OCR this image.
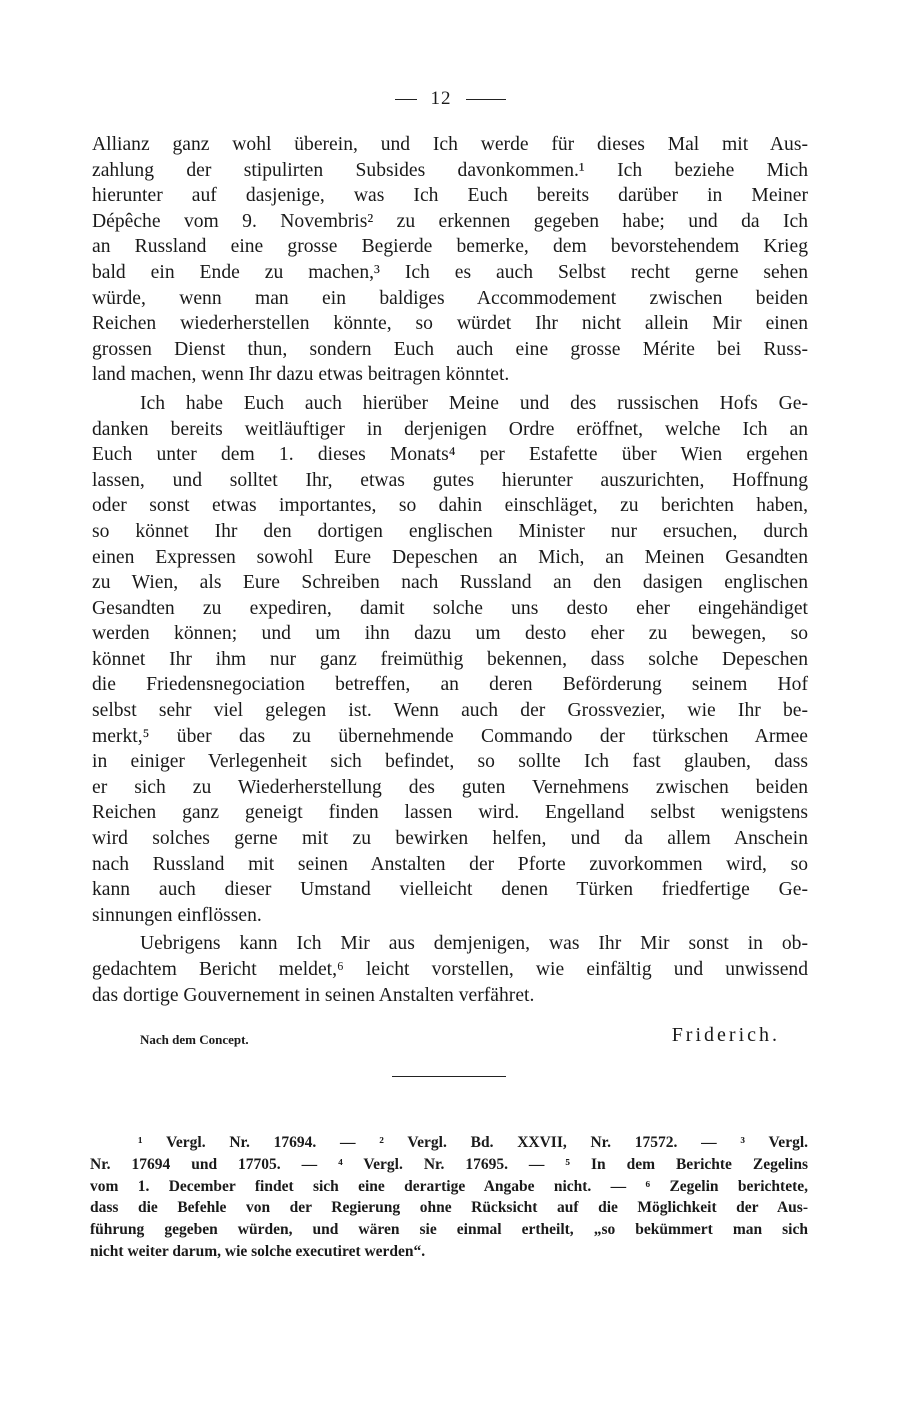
12
Allianz ganz wohl überein, und Ich werde für dieses Mal mit Aus-
zahlung der stipulirten Subsides davonkommen.¹ Ich beziehe Mich
hierunter auf dasjenige, was Ich Euch bereits darüber in Meiner
Dépêche vom 9. Novembris² zu erkennen gegeben habe; und da Ich
an Russland eine grosse Begierde bemerke, dem bevorstehendem Krieg
bald ein Ende zu machen,³ Ich es auch Selbst recht gerne sehen
würde, wenn man ein baldiges Accommodement zwischen beiden
Reichen wiederherstellen könnte, so würdet Ihr nicht allein Mir einen
grossen Dienst thun, sondern Euch auch eine grosse Mérite bei Russ-
land machen, wenn Ihr dazu etwas beitragen könntet.
Ich habe Euch auch hierüber Meine und des russischen Hofs Ge-
danken bereits weitläuftiger in derjenigen Ordre eröffnet, welche Ich an
Euch unter dem 1. dieses Monats⁴ per Estafette über Wien ergehen
lassen, und solltet Ihr, etwas gutes hierunter auszurichten, Hoffnung
oder sonst etwas importantes, so dahin einschläget, zu berichten haben,
so könnet Ihr den dortigen englischen Minister nur ersuchen, durch
einen Expressen sowohl Eure Depeschen an Mich, an Meinen Gesandten
zu Wien, als Eure Schreiben nach Russland an den dasigen englischen
Gesandten zu expediren, damit solche uns desto eher eingehändiget
werden können; und um ihn dazu um desto eher zu bewegen, so
könnet Ihr ihm nur ganz freimüthig bekennen, dass solche Depeschen
die Friedensnegociation betreffen, an deren Beförderung seinem Hof
selbst sehr viel gelegen ist. Wenn auch der Grossvezier, wie Ihr be-
merkt,⁵ über das zu übernehmende Commando der türkschen Armee
in einiger Verlegenheit sich befindet, so sollte Ich fast glauben, dass
er sich zu Wiederherstellung des guten Vernehmens zwischen beiden
Reichen ganz geneigt finden lassen wird. Engelland selbst wenigstens
wird solches gerne mit zu bewirken helfen, und da allem Anschein
nach Russland mit seinen Anstalten der Pforte zuvorkommen wird, so
kann auch dieser Umstand vielleicht denen Türken friedfertige Ge-
sinnungen einflössen.
Uebrigens kann Ich Mir aus demjenigen, was Ihr Mir sonst in ob-
gedachtem Bericht meldet,⁶ leicht vorstellen, wie einfältig und unwissend
das dortige Gouvernement in seinen Anstalten verfähret.
Nach dem Concept.	Friderich.
¹ Vergl. Nr. 17694. — ² Vergl. Bd. XXVII, Nr. 17572. — ³ Vergl.
Nr. 17694 und 17705. — ⁴ Vergl. Nr. 17695. — ⁵ In dem Berichte Zegelins
vom 1. December findet sich eine derartige Angabe nicht. — ⁶ Zegelin berichtete,
dass die Befehle von der Regierung ohne Rücksicht auf die Möglichkeit der Aus-
führung gegeben würden, und wären sie einmal ertheilt, „so bekümmert man sich
nicht weiter darum, wie solche executiret werden“.
